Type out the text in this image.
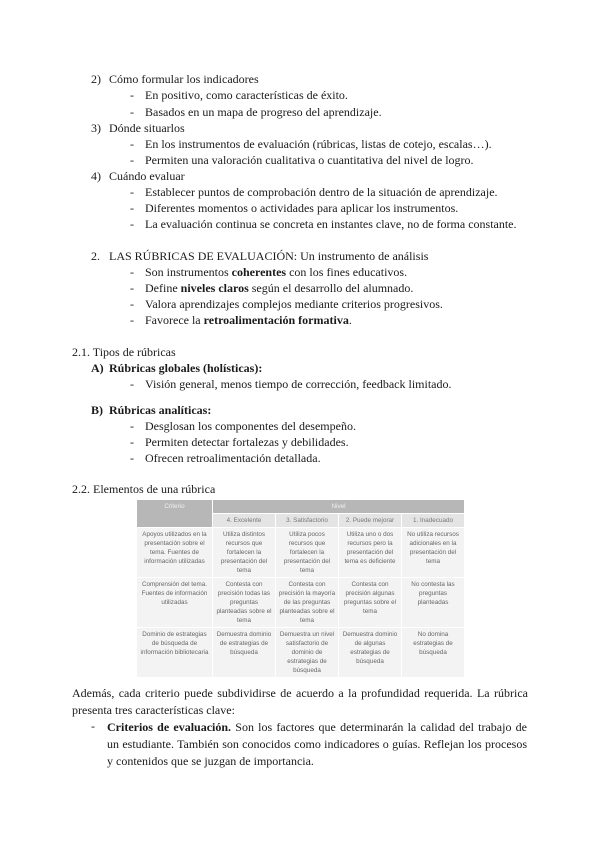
2) Cómo formular los indicadores
- En positivo, como características de éxito.
- Basados en un mapa de progreso del aprendizaje.
3) Dónde situarlos
- En los instrumentos de evaluación (rúbricas, listas de cotejo, escalas…).
- Permiten una valoración cualitativa o cuantitativa del nivel de logro.
4) Cuándo evaluar
- Establecer puntos de comprobación dentro de la situación de aprendizaje.
- Diferentes momentos o actividades para aplicar los instrumentos.
- La evaluación continua se concreta en instantes clave, no de forma constante.
2. LAS RÚBRICAS DE EVALUACIÓN: Un instrumento de análisis
- Son instrumentos coherentes con los fines educativos.
- Define niveles claros según el desarrollo del alumnado.
- Valora aprendizajes complejos mediante criterios progresivos.
- Favorece la retroalimentación formativa.
2.1. Tipos de rúbricas
A) Rúbricas globales (holísticas):
- Visión general, menos tiempo de corrección, feedback limitado.
B) Rúbricas analíticas:
- Desglosan los componentes del desempeño.
- Permiten detectar fortalezas y debilidades.
- Ofrecen retroalimentación detallada.
2.2. Elementos de una rúbrica
Criterio	Nivel			
	4. Excelente	3. Satisfactorio	2. Puede mejorar	1. Inadecuado
Apoyos utilizados en la presentación sobre el tema. Fuentes de información utilizadas	Utiliza distintos recursos que fortalecen la presentación del tema	Utiliza pocos recursos que fortalecen la presentación del tema	Utiliza uno o dos recursos pero la presentación del tema es deficiente	No utiliza recursos adicionales en la presentación del tema
Comprensión del tema. Fuentes de información utilizadas	Contesta con precisión todas las preguntas planteadas sobre el tema	Contesta con precisión la mayoría de las preguntas planteadas sobre el tema	Contesta con precisión algunas preguntas sobre el tema	No contesta las preguntas planteadas
Dominio de estrategias de búsqueda de información bibliotecaria	Demuestra dominio de estrategias de búsqueda	Demuestra un nivel satisfactorio de dominio de estrategias de búsqueda	Demuestra dominio de algunas estrategias de búsqueda	No domina estrategias de búsqueda
Además, cada criterio puede subdividirse de acuerdo a la profundidad requerida. La rúbrica presenta tres características clave:
- Criterios de evaluación. Son los factores que determinarán la calidad del trabajo de un estudiante. También son conocidos como indicadores o guías. Reflejan los procesos y contenidos que se juzgan de importancia.
